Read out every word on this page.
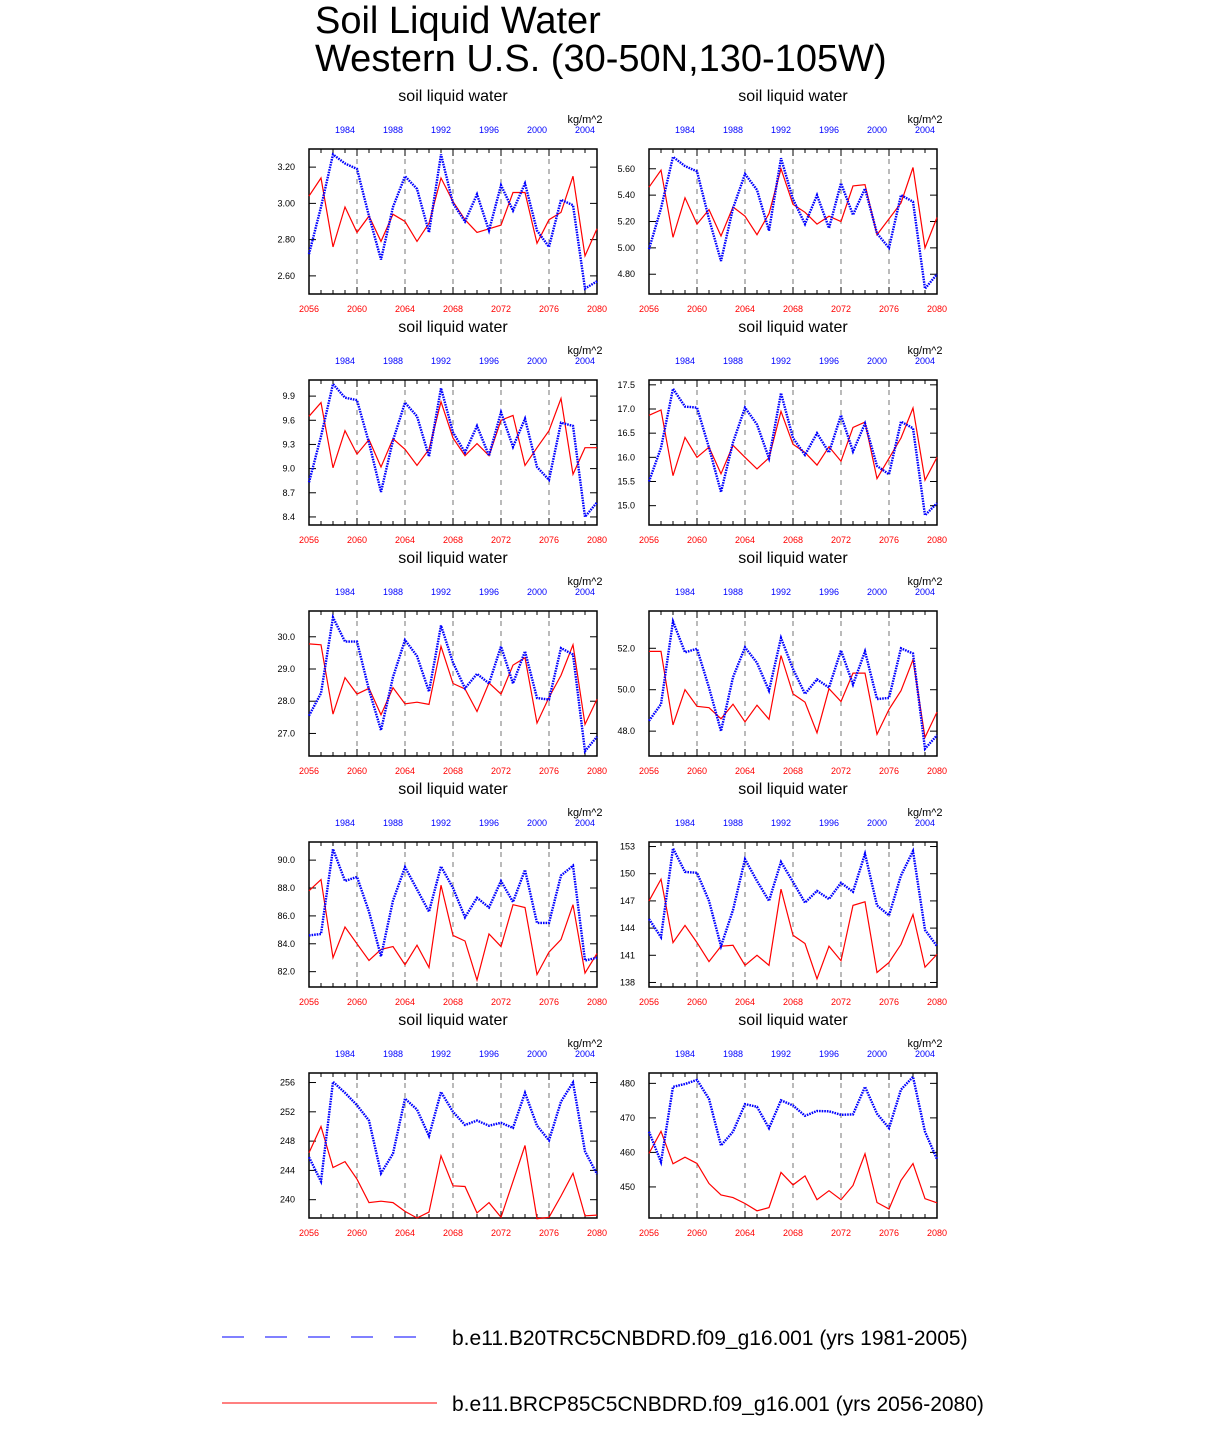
Soil Liquid Water
Western U.S. (30-50N,130-105W)
soil liquid water
kg/m^2
2056	2060	2064	2068	2072	2076	2080
1984	1988	1992	1996	2000	2004
2.60
2.80
3.00
3.20
soil liquid water
kg/m^2
2056	2060	2064	2068	2072	2076	2080
1984	1988	1992	1996	2000	2004
4.80
5.00
5.20
5.40
5.60
soil liquid water
kg/m^2
2056	2060	2064	2068	2072	2076	2080
1984	1988	1992	1996	2000	2004
8.4
8.7
9.0
9.3
9.6
9.9
soil liquid water
kg/m^2
2056	2060	2064	2068	2072	2076	2080
1984	1988	1992	1996	2000	2004
15.0
15.5
16.0
16.5
17.0
17.5
soil liquid water
kg/m^2
2056	2060	2064	2068	2072	2076	2080
1984	1988	1992	1996	2000	2004
27.0
28.0
29.0
30.0
soil liquid water
kg/m^2
2056	2060	2064	2068	2072	2076	2080
1984	1988	1992	1996	2000	2004
48.0
50.0
52.0
soil liquid water
kg/m^2
2056	2060	2064	2068	2072	2076	2080
1984	1988	1992	1996	2000	2004
82.0
84.0
86.0
88.0
90.0
soil liquid water
kg/m^2
2056	2060	2064	2068	2072	2076	2080
1984	1988	1992	1996	2000	2004
138
141
144
147
150
153
soil liquid water
kg/m^2
2056	2060	2064	2068	2072	2076	2080
1984	1988	1992	1996	2000	2004
240
244
248
252
256
soil liquid water
kg/m^2
2056	2060	2064	2068	2072	2076	2080
1984	1988	1992	1996	2000	2004
450
460
470
480
b.e11.B20TRC5CNBDRD.f09_g16.001 (yrs 1981-2005)
b.e11.BRCP85C5CNBDRD.f09_g16.001 (yrs 2056-2080)
